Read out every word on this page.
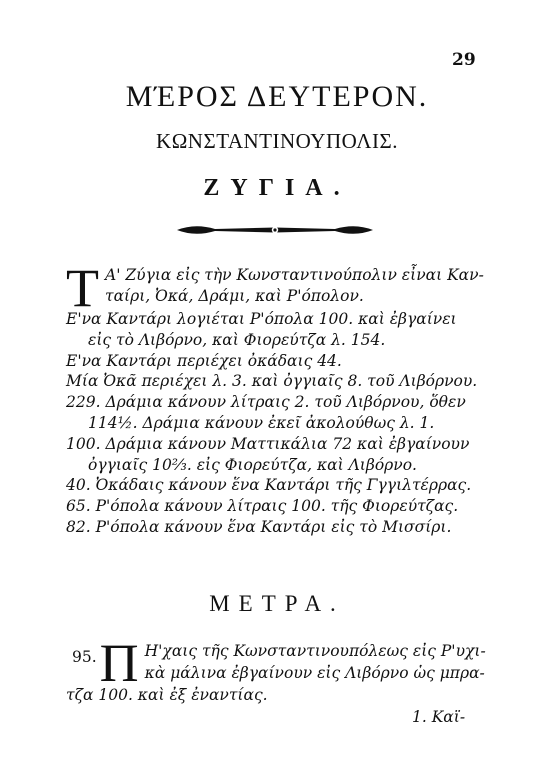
29
ΜΈΡΟΣ ΔΕΥΤΕΡΟΝ.
ΚΩΝΣΤΑΝΤΙΝΟΥΠΟΛΙΣ.
ΖΥΓΙΑ.
Τ Α' Ζύγια εἰς τὴν Κωνσταντινούπολιν εἶναι Καν-

ταίρι, Ὀκά, Δράμι, καὶ Ρ'όπολον.

Ε'να Καντάρι λογιέται Ρ'όπολα 100. καὶ ἐβγαίνει

εἰς τὸ Λιβόρνο, καὶ Φιορεύτζα λ. 154.

Ε'να Καντάρι περιέχει ὀκάδαις 44.

Μία Ὀκᾶ περιέχει λ. 3. καὶ ὀγγιαῖς 8. τοῦ Λιβόρνου.

229. Δράμια κάνουν λίτραις 2. τοῦ Λιβόρνου, ὅθεν

114½. Δράμια κάνουν ἐκεῖ ἀκολούθως λ. 1.

100. Δράμια κάνουν Ματτικάλια 72 καὶ ἐβγαίνουν

ὀγγιαῖς 10⅔. εἰς Φιορεύτζα, καὶ Λιβόρνο.

40. Ὀκάδαις κάνουν ἕνα Καντάρι τῆς Γγγιλτέρρας.

65. Ρ'όπολα κάνουν λίτραις 100. τῆς Φιορεύτζας.

82. Ρ'όπολα κάνουν ἕνα Καντάρι εἰς τὸ Μισσίρι.

ΜΕΤΡΑ.
95. Π Η'χαις τῆς Κωνσταντινουπόλεως εἰς Ρ'υχι-

κὰ μάλινα ἐβγαίνουν εἰς Λιβόρνο ὡς μπρα-

τζα 100. καὶ ἐξ ἐναντίας.

1. Καϊ-
